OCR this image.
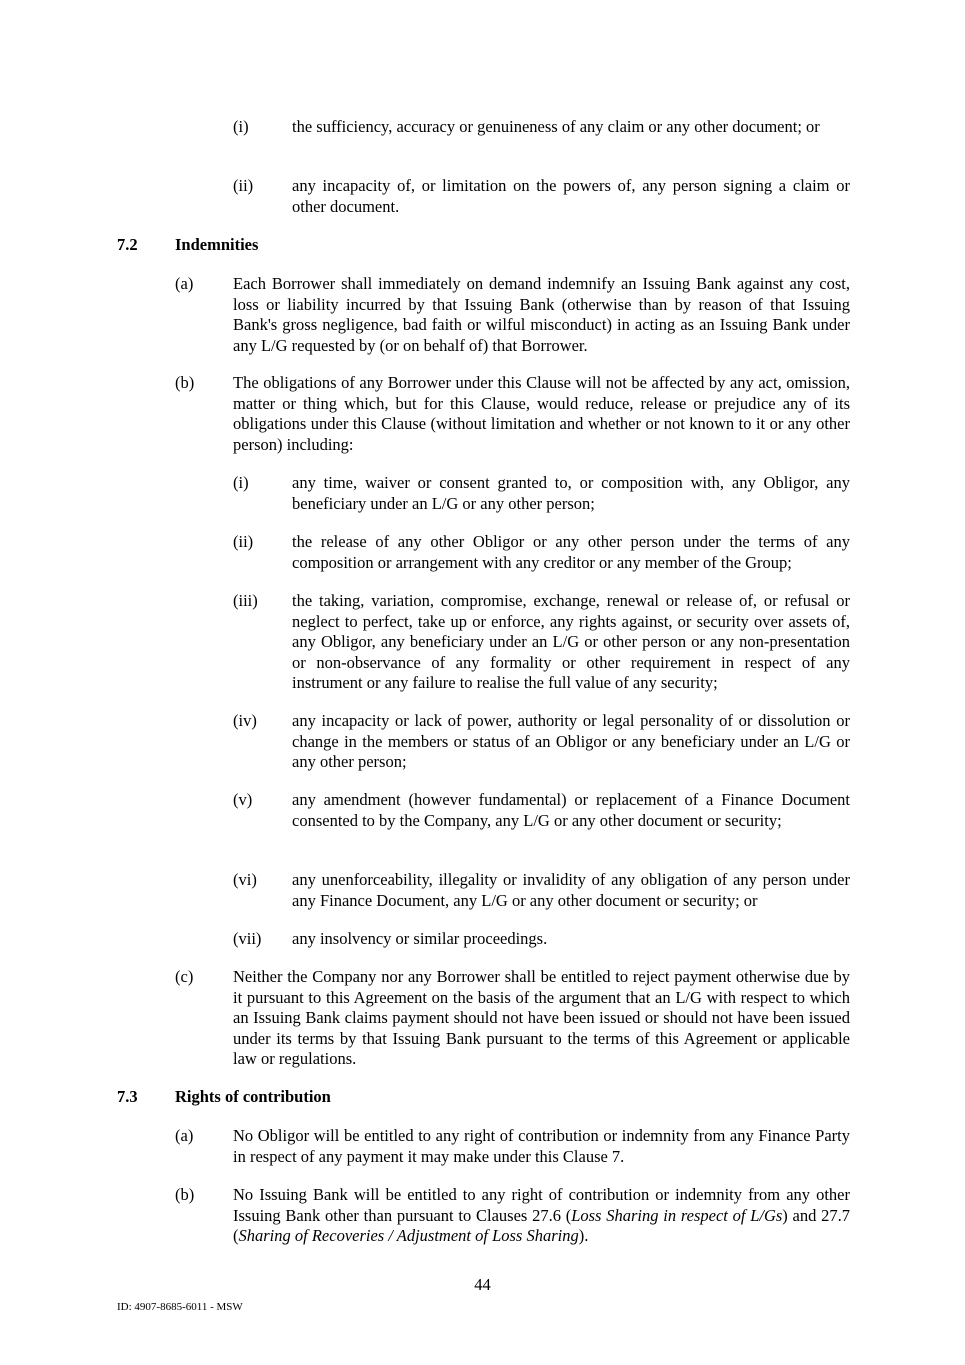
(i)	the sufficiency, accuracy or genuineness of any claim or any other document; or
(ii) any incapacity of, or limitation on the powers of, any person signing a claim or other document.
7.2 Indemnities
(a) Each Borrower shall immediately on demand indemnify an Issuing Bank against any cost, loss or liability incurred by that Issuing Bank (otherwise than by reason of that Issuing Bank's gross negligence, bad faith or wilful misconduct) in acting as an Issuing Bank under any L/G requested by (or on behalf of) that Borrower.
(b) The obligations of any Borrower under this Clause will not be affected by any act, omission, matter or thing which, but for this Clause, would reduce, release or prejudice any of its obligations under this Clause (without limitation and whether or not known to it or any other person) including:
(i)	any time, waiver or consent granted to, or composition with, any Obligor, any beneficiary under an L/G or any other person;
(ii) the release of any other Obligor or any other person under the terms of any composition or arrangement with any creditor or any member of the Group;
(iii) the taking, variation, compromise, exchange, renewal or release of, or refusal or neglect to perfect, take up or enforce, any rights against, or security over assets of, any Obligor, any beneficiary under an L/G or other person or any non-presentation or non-observance of any formality or other requirement in respect of any instrument or any failure to realise the full value of any security;
(iv) any incapacity or lack of power, authority or legal personality of or dissolution or change in the members or status of an Obligor or any beneficiary under an L/G or any other person;
(v) any amendment (however fundamental) or replacement of a Finance Document consented to by the Company, any L/G or any other document or security;
(vi) any unenforceability, illegality or invalidity of any obligation of any person under any Finance Document, any L/G or any other document or security; or
(vii) any insolvency or similar proceedings.
(c) Neither the Company nor any Borrower shall be entitled to reject payment otherwise due by it pursuant to this Agreement on the basis of the argument that an L/G with respect to which an Issuing Bank claims payment should not have been issued or should not have been issued under its terms by that Issuing Bank pursuant to the terms of this Agreement or applicable law or regulations.
7.3 Rights of contribution
(a) No Obligor will be entitled to any right of contribution or indemnity from any Finance Party in respect of any payment it may make under this Clause 7.
(b) No Issuing Bank will be entitled to any right of contribution or indemnity from any other Issuing Bank other than pursuant to Clauses 27.6 (Loss Sharing in respect of L/Gs) and 27.7 (Sharing of Recoveries / Adjustment of Loss Sharing).
44
ID: 4907-8685-6011 - MSW
